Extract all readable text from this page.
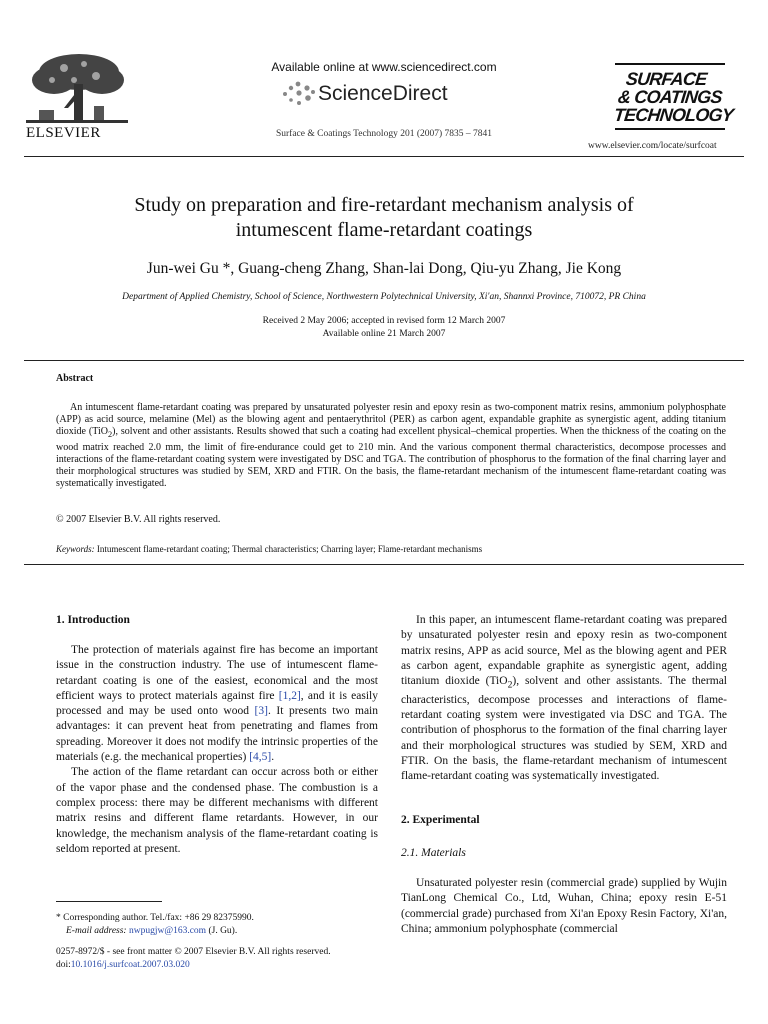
ELSEVIER
Available online at www.sciencedirect.com
ScienceDirect
Surface & Coatings Technology 201 (2007) 7835 – 7841
SURFACE
& COATINGS
TECHNOLOGY
www.elsevier.com/locate/surfcoat
Study on preparation and fire-retardant mechanism analysis of
intumescent flame-retardant coatings
Jun-wei Gu *, Guang-cheng Zhang, Shan-lai Dong, Qiu-yu Zhang, Jie Kong
Department of Applied Chemistry, School of Science, Northwestern Polytechnical University, Xi'an, Shannxi Province, 710072, PR China
Received 2 May 2006; accepted in revised form 12 March 2007
Available online 21 March 2007
Abstract

An intumescent flame-retardant coating was prepared by unsaturated polyester resin and epoxy resin as two-component matrix resins, ammonium polyphosphate (APP) as acid source, melamine (Mel) as the blowing agent and pentaerythritol (PER) as carbon agent, expandable graphite as synergistic agent, adding titanium dioxide (TiO$_2$), solvent and other assistants. Results showed that such a coating had excellent physical–chemical properties. When the thickness of the coating on the wood matrix reached 2.0 mm, the limit of fire-endurance could get to 210 min. And the various component thermal characteristics, decompose processes and interactions of the flame-retardant coating system were investigated by DSC and TGA. The contribution of phosphorus to the formation of the final charring layer and their morphological structures was studied by SEM, XRD and FTIR. On the basis, the flame-retardant mechanism of the intumescent flame-retardant coating was systematically investigated.

© 2007 Elsevier B.V. All rights reserved.
Keywords: Intumescent flame-retardant coating; Thermal characteristics; Charring layer; Flame-retardant mechanisms
1. Introduction

The protection of materials against fire has become an important issue in the construction industry. The use of intumescent flame-retardant coating is one of the easiest, economical and the most efficient ways to protect materials against fire [1,2], and it is easily processed and may be used onto wood [3]. It presents two main advantages: it can prevent heat from penetrating and flames from spreading. Moreover it does not modify the intrinsic properties of the materials (e.g. the mechanical properties) [4,5].

The action of the flame retardant can occur across both or either of the vapor phase and the condensed phase. The combustion is a complex process: there may be different mechanisms with different matrix resins and different flame retardants. However, in our knowledge, the mechanism analysis of the flame-retardant coating is seldom reported at present.

* Corresponding author. Tel./fax: +86 29 82375990.
E-mail address: nwpugjw@163.com (J. Gu).
0257-8972/$ - see front matter © 2007 Elsevier B.V. All rights reserved.
doi:10.1016/j.surfcoat.2007.03.020

In this paper, an intumescent flame-retardant coating was prepared by unsaturated polyester resin and epoxy resin as two-component matrix resins, APP as acid source, Mel as the blowing agent and PER as carbon agent, expandable graphite as synergistic agent, adding titanium dioxide (TiO$_2$), solvent and other assistants. The thermal characteristics, decompose processes and interactions of flame-retardant coating system were investigated via DSC and TGA. The contribution of phosphorus to the formation of the final charring layer and their morphological structures was studied by SEM, XRD and FTIR. On the basis, the flame-retardant mechanism of intumescent flame-retardant coating was systematically investigated.

2. Experimental
2.1. Materials

Unsaturated polyester resin (commercial grade) supplied by Wujin TianLong Chemical Co., Ltd, Wuhan, China; epoxy resin E-51 (commercial grade) purchased from Xi'an Epoxy Resin Factory, Xi'an, China; ammonium polyphosphate (commercial
